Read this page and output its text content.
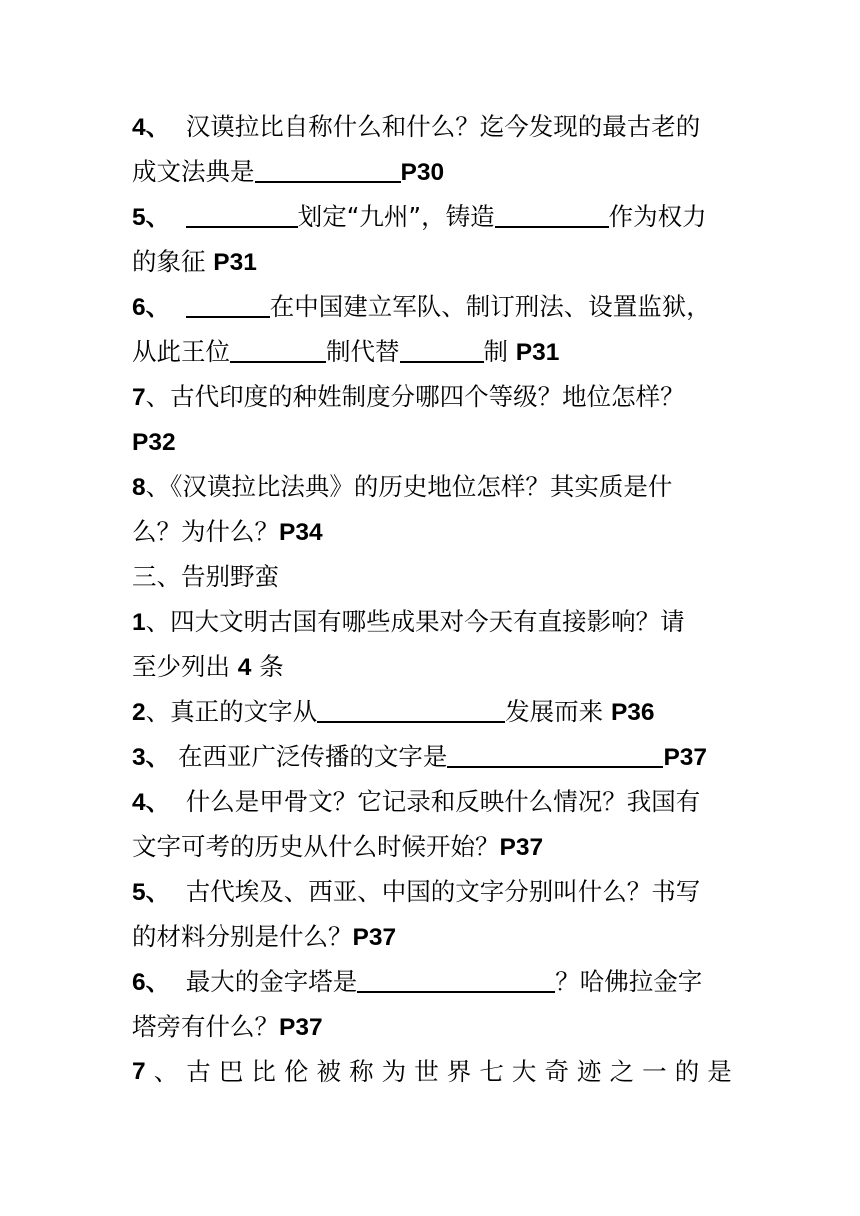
4、 汉谟拉比自称什么和什么？迄今发现的最古老的
成文法典是	P30
5、	划定“九州”，铸造	作为权力
的象征 P31
6、	在中国建立军队、制订刑法、设置监狱，
从此王位	制代替	制 P31
7、古代印度的种姓制度分哪四个等级？地位怎样？
P32
8、《汉谟拉比法典》的历史地位怎样？其实质是什
么？为什么？P34
三、告别野蛮
1、四大文明古国有哪些成果对今天有直接影响？请
至少列出 4 条
2、真正的文字从	发展而来 P36
3、 在西亚广泛传播的文字是	P37
4、 什么是甲骨文？它记录和反映什么情况？我国有
文字可考的历史从什么时候开始？P37
5、 古代埃及、西亚、中国的文字分别叫什么？书写
的材料分别是什么？P37
6、 最大的金字塔是	？哈佛拉金字
塔旁有什么？P37
7 、 古 巴 比 伦 被 称 为 世 界 七 大 奇 迹 之 一 的 是
